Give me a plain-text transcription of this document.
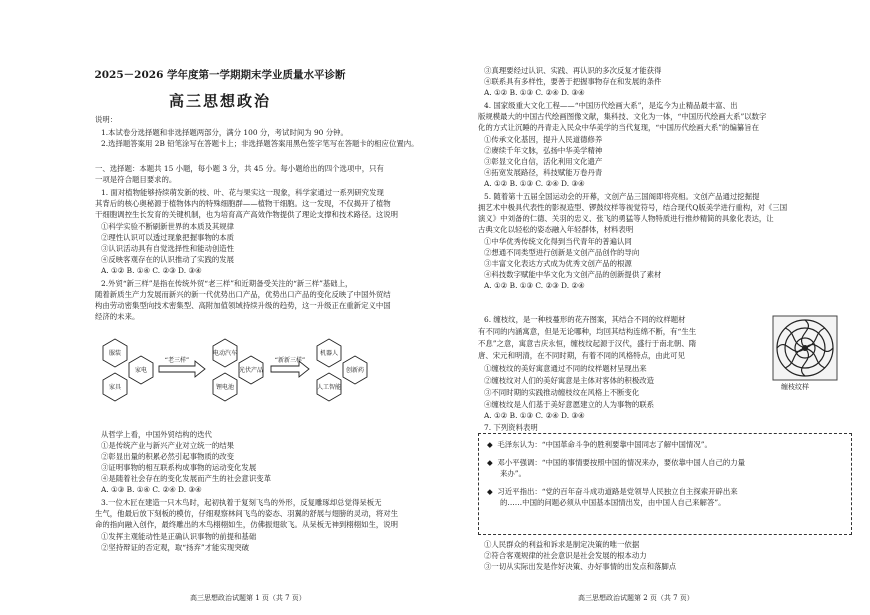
2025－2026 学年度第一学期期末学业质量水平诊断
高三思想政治
说明：
1.本试卷分选择题和非选择题两部分，满分 100 分，考试时间为 90 分钟。
2.选择题答案用 2B 铅笔涂写在答题卡上；非选择题答案用黑色签字笔写在答题卡的相应位置内。
一、选择题：本题共 15 小题，每小题 3 分，共 45 分。每小题给出的四个选项中，只有
一项是符合题目要求的。
1. 面对植物能够持续萌发新的枝、叶、花与果实这一现象，科学家通过一系列研究发现
其背后的核心奥秘源于植物体内的特殊细胞群——植物干细胞。这一发现，不仅揭开了植物
干细胞调控生长发育的关键机制，也为培育高产高效作物提供了理论支撑和技术路径。这说明
①科学实验不断刷新世界的本质及其规律
②理性认识可以透过现象把握事物的本质
③认识活动具有自觉选择性和能动创造性
④反映客观存在的认识推动了实践的发展
A. ①② B. ①④ C. ②③ D. ③④
2.外贸“新三样”是指在传统外贸“老三样”和近期备受关注的“新三样”基础上，
随着新质生产力发展而新兴的新一代优势出口产品，优势出口产品的变化反映了中国外贸结
构由劳动密集型向技术密集型、高附加值领域持续升级的趋势，这一升级正在重新定义中国
经济的未来。
“老三样”
服装
家电
家具
电动汽车
光伏产品
锂电池
“新新三样”
机器人
创新药
人工智能
从哲学上看，中国外贸结构的迭代
①是传统产业与新兴产业对立统一的结果
②彰显出量的积累必然引起事物质的改变
③证明事物的相互联系构成事物的运动变化发展
④是随着社会存在的变化发展而产生的社会意识变革
A. ①③ B. ①④ C. ②④ D. ③④
3.一位木匠在建造一只木鸟时，起初执着于复刻飞鸟的外形，反复雕琢却总觉得呆板无
生气，他最后放下刻板的模仿，仔细观察林间飞鸟的姿态、羽翼的舒展与翅膀的灵动，将对生
命的指向融入创作，最终雕出的木鸟栩栩如生，仿佛振翅欲飞。从呆板无神到栩栩如生，说明
①发挥主观能动性是正确认识事物的前提和基础
②坚持辩证的否定观，取“扬弃”才能实现突破
高三思想政治试题第 1 页（共 7 页）
③真理要经过认识、实践、再认识的多次反复才能获得
④联系具有多样性，要善于把握事物存在和发展的条件
A. ①② B. ①③ C. ②④ D. ③④
4. 国家级重大文化工程——“中国历代绘画大系”，是迄今为止精品最丰富、出
版规模最大的中国古代绘画图像文献，集科技、文化为一体，“中国历代绘画大系”以数字
化的方式让沉睡的丹青走入民众中华美学的当代复现，“中国历代绘画大系”的编纂旨在
①传承文化基因，提升人民道德修养
②赓续千年文脉，弘扬中华美学精神
③彰显文化自信，活化利用文化遗产
④拓宽发展路径，科技赋能万卷丹青
A. ①② B. ①③ C. ②④ D. ③④
5. 随着第十五届全国运动会的开幕，文创产品三国阁即将亮相。文创产品通过挖掘提
拥艺术中极具代表性的影视造型、锣鼓纹样等视觉符号，结合现代Q版美学进行重构，对《三国
演义》中刘备的仁德、关羽的忠义、张飞的勇猛等人物特质进行推炒精简的具象化表达，让
古典文化以轻松的姿态融入年轻群体，材料表明
①中华优秀传统文化得到当代青年的普遍认同
②想通不同类型进行创新是文创产品创作的导向
③丰富文化表达方式成为优秀文创产品的根源
④科技数字赋能中华文化为文创产品的创新提供了素材
A. ①② B. ①③ C. ②③ D. ②④
6. 缠枝纹，是一种枝蔓形的花卉图案，其结合不同的纹样题材
有不同的内涵寓意，但是无论哪种，均回其结构连绵不断，有“生生
不息”之意，寓意吉庆永恒，缠枝纹起源于汉代，盛行于南北朝、隋
唐、宋元和明清，在不同时期，有着不同的风格特点，由此可见
①缠枝纹的美好寓意通过不同的纹样题材呈现出来
②缠枝纹对人们的美好寓意是主体对客体的积极改造
③不同时期的实践推动缠枝纹在风格上不断变化
④缠枝纹是人们基于美好意愿建立的人为事物的联系
A. ①② B. ①③ C. ②④ D. ③④
7. 下列资料表明
①人民群众的利益和诉求是制定决策的唯一依据
②符合客观规律的社会意识是社会发展的根本动力
③一切从实际出发是作好决策、办好事情的出发点和落脚点
高三思想政治试题第 2 页（共 7 页）
缠枝纹样
◆  毛泽东认为：“中国革命斗争的胜利要靠中国同志了解中国情况”。
◆  邓小平强调：“中国的事情要按照中国的情况来办，要依靠中国人自己的力量
来办”。
◆  习近平指出：“党的百年奋斗成功道路是党领导人民独立自主探索开辟出来
的……中国的问题必须从中国基本国情出发，由中国人自己来解答”。
